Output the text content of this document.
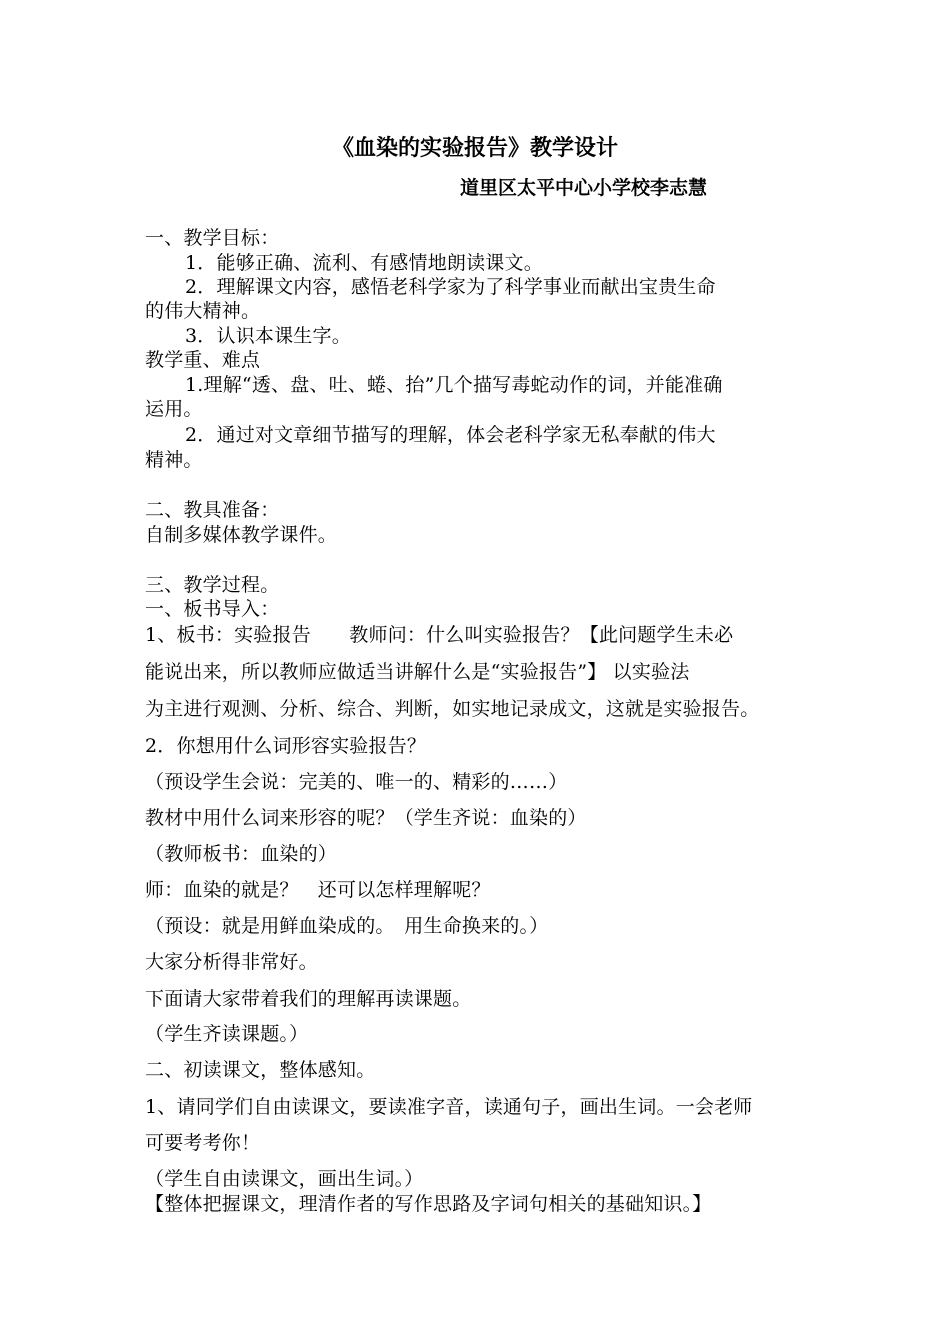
《血染的实验报告》教学设计
道里区太平中心小学校李志慧
一、教学目标：
1．能够正确、流利、有感情地朗读课文。
2．理解课文内容，感悟老科学家为了科学事业而献出宝贵生命
的伟大精神。
3．认识本课生字。
教学重、难点
1.理解“透、盘、吐、蜷、抬”几个描写毒蛇动作的词，并能准确
运用。
2．通过对文章细节描写的理解，体会老科学家无私奉献的伟大
精神。
二、教具准备：
自制多媒体教学课件。
三、教学过程。
一、板书导入：
1、板书：实验报告　　教师问：什么叫实验报告？【此问题学生未必
能说出来，所以教师应做适当讲解什么是“实验报告”】 以实验法
为主进行观测、分析、综合、判断，如实地记录成文，这就是实验报告。
2．你想用什么词形容实验报告？
（预设学生会说：完美的、唯一的、精彩的……）
教材中用什么词来形容的呢？（学生齐说：血染的）
（教师板书：血染的）
师：血染的就是？　还可以怎样理解呢？
（预设：就是用鲜血染成的。　用生命换来的。）
大家分析得非常好。
下面请大家带着我们的理解再读课题。
（学生齐读课题。）
二、初读课文，整体感知。
1、请同学们自由读课文，要读准字音，读通句子，画出生词。一会老师
可要考考你！
（学生自由读课文，画出生词。）
【整体把握课文，理清作者的写作思路及字词句相关的基础知识。】
